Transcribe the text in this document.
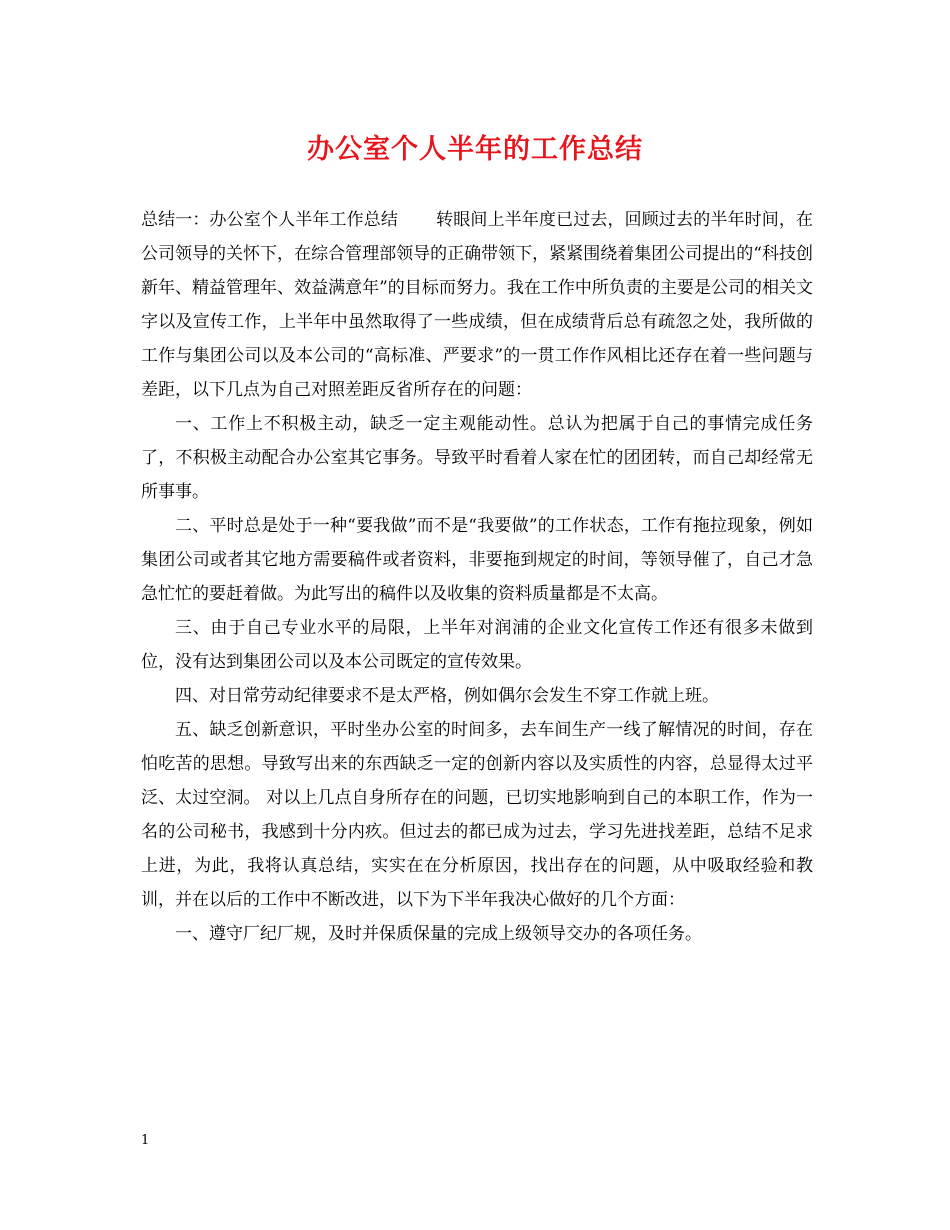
办公室个人半年的工作总结

总结一：办公室个人半年工作总结 转眼间上半年度已过去，回顾过去的半年时间，在公司领导的关怀下，在综合管理部领导的正确带领下，紧紧围绕着集团公司提出的“科技创新年、精益管理年、效益满意年”的目标而努力。我在工作中所负责的主要是公司的相关文字以及宣传工作，上半年中虽然取得了一些成绩，但在成绩背后总有疏忽之处，我所做的工作与集团公司以及本公司的“高标准、严要求”的一贯工作作风相比还存在着一些问题与差距，以下几点为自己对照差距反省所存在的问题：

一、工作上不积极主动，缺乏一定主观能动性。总认为把属于自己的事情完成任务了，不积极主动配合办公室其它事务。导致平时看着人家在忙的团团转，而自己却经常无所事事。

二、平时总是处于一种“要我做”而不是“我要做”的工作状态，工作有拖拉现象，例如集团公司或者其它地方需要稿件或者资料，非要拖到规定的时间，等领导催了，自己才急急忙忙的要赶着做。为此写出的稿件以及收集的资料质量都是不太高。

三、由于自己专业水平的局限，上半年对润浦的企业文化宣传工作还有很多未做到位，没有达到集团公司以及本公司既定的宣传效果。

四、对日常劳动纪律要求不是太严格，例如偶尔会发生不穿工作就上班。

五、缺乏创新意识，平时坐办公室的时间多，去车间生产一线了解情况的时间，存在怕吃苦的思想。导致写出来的东西缺乏一定的创新内容以及实质性的内容，总显得太过平泛、太过空洞。 对以上几点自身所存在的问题，已切实地影响到自己的本职工作，作为一名的公司秘书，我感到十分内疚。但过去的都已成为过去，学习先进找差距，总结不足求上进，为此，我将认真总结，实实在在分析原因，找出存在的问题，从中吸取经验和教训，并在以后的工作中不断改进，以下为下半年我决心做好的几个方面：

一、遵守厂纪厂规，及时并保质保量的完成上级领导交办的各项任务。

1
